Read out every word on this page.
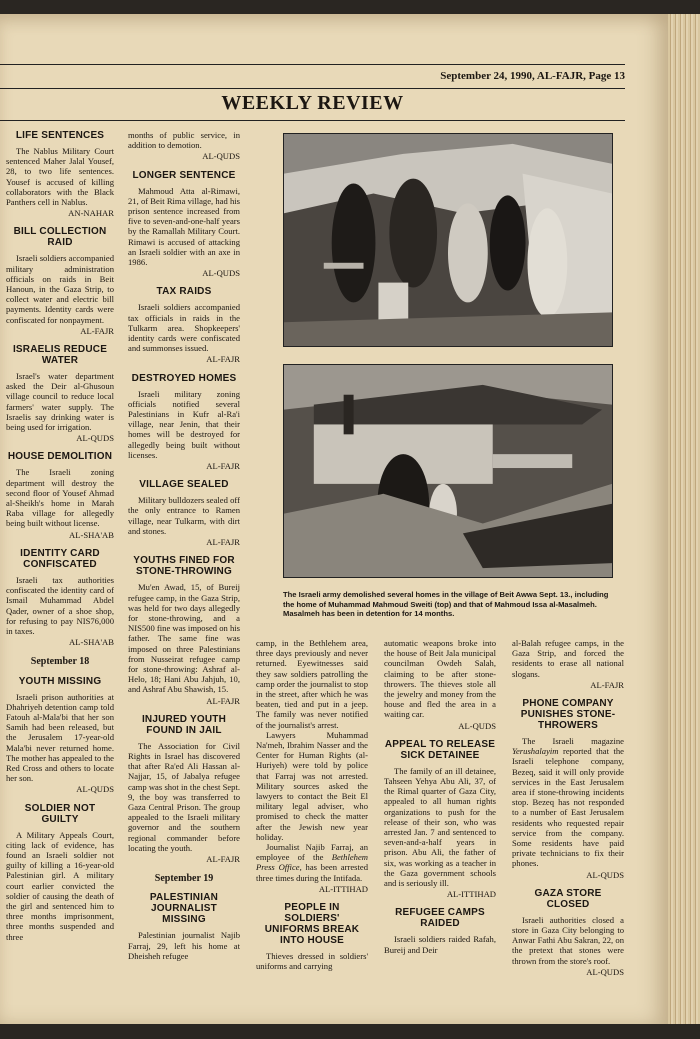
September 24, 1990, AL-FAJR, Page 13
WEEKLY REVIEW
LIFE SENTENCES

The Nablus Military Court sentenced Maher Jalal Yousef, 28, to two life sentences. Yousef is accused of killing collaborators with the Black Panthers cell in Nablus.

AN-NAHAR
BILL COLLECTION RAID

Israeli soldiers accompanied military administration officials on raids in Beit Hanoun, in the Gaza Strip, to collect water and electric bill payments. Identity cards were confiscated for nonpayment.

AL-FAJR
ISRAELIS REDUCE WATER

Israel's water department asked the Deir al-Ghusoun village council to reduce local farmers' water supply. The Israelis say drinking water is being used for irrigation.

AL-QUDS
HOUSE DEMOLITION

The Israeli zoning department will destroy the second floor of Yousef Ahmad al-Sheikh's home in Marah Raba village for allegedly being built without license.

AL-SHA'AB
IDENTITY CARD CONFISCATED

Israeli tax authorities confiscated the identity card of Ismail Muhammad Abdel Qader, owner of a shoe shop, for refusing to pay NIS76,000 in taxes.

AL-SHA'AB
September 18
YOUTH MISSING

Israeli prison authorities at Dhahriyeh detention camp told Fatouh al-Mala'bi that her son Samih had been released, but the Jerusalem 17-year-old Mala'bi never returned home. The mother has appealed to the Red Cross and others to locate her son.

AL-QUDS
SOLDIER NOT GUILTY

A Military Appeals Court, citing lack of evidence, has found an Israeli soldier not guilty of killing a 16-year-old Palestinian girl. A military court earlier convicted the soldier of causing the death of the girl and sentenced him to three months imprisonment, three months suspended and three

months of public service, in addition to demotion.

AL-QUDS
LONGER SENTENCE

Mahmoud Atta al-Rimawi, 21, of Beit Rima village, had his prison sentence increased from five to seven-and-one-half years by the Ramallah Military Court. Rimawi is accused of attacking an Israeli soldier with an axe in 1986.

AL-QUDS
TAX RAIDS

Israeli soldiers accompanied tax officials in raids in the Tulkarm area. Shopkeepers' identity cards were confiscated and summonses issued.

AL-FAJR
DESTROYED HOMES

Israeli military zoning officials notified several Palestinians in Kufr al-Ra'i village, near Jenin, that their homes will be destroyed for allegedly being built without licenses.

AL-FAJR
VILLAGE SEALED

Military bulldozers sealed off the only entrance to Ramen village, near Tulkarm, with dirt and stones.

AL-FAJR
YOUTHS FINED FOR STONE-THROWING

Mu'en Awad, 15, of Bureij refugee camp, in the Gaza Strip, was held for two days allegedly for stone-throwing, and a NIS500 fine was imposed on his father. The same fine was imposed on three Palestinians from Nusseirat refugee camp for stone-throwing: Ashraf al-Helo, 18; Hani Abu Jahjuh, 10, and Ashraf Abu Shawish, 15.

AL-FAJR
INJURED YOUTH FOUND IN JAIL

The Association for Civil Rights in Israel has discovered that after Ra'ed Ali Hassan al-Najjar, 15, of Jabalya refugee camp was shot in the chest Sept. 9, the boy was transferred to Gaza Central Prison. The group appealed to the Israeli military governor and the southern regional commander before locating the youth.

AL-FAJR
September 19
PALESTINIAN JOURNALIST MISSING

Palestinian journalist Najib Farraj, 29, left his home at Dheisheh refugee

The Israeli army demolished several homes in the village of Beit Awwa Sept. 13., including the home of Muhammad Mahmoud Sweiti (top) and that of Mahmoud Issa al-Masalmeh. Masalmeh has been in detention for 14 months.

camp, in the Bethlehem area, three days previously and never returned. Eyewitnesses said they saw soldiers patrolling the camp order the journalist to stop in the street, after which he was beaten, tied and put in a jeep. The family was never notified of the journalist's arrest.

Lawyers Muhammad Na'meh, Ibrahim Nasser and the Center for Human Rights (al-Huriyeh) were told by police that Farraj was not arrested. Military sources asked the lawyers to contact the Beit El military legal adviser, who promised to check the matter after the Jewish new year holiday.

Journalist Najib Farraj, an employee of the Bethlehem Press Office, has been arrested three times during the Intifada.

AL-ITTIHAD
PEOPLE IN SOLDIERS' UNIFORMS BREAK INTO HOUSE

Thieves dressed in soldiers' uniforms and carrying

automatic weapons broke into the house of Beit Jala municipal councilman Owdeh Salah, claiming to be after stone-throwers. The thieves stole all the jewelry and money from the house and fled the area in a waiting car.

AL-QUDS
APPEAL TO RELEASE SICK DETAINEE

The family of an ill detainee, Tahseen Yehya Abu Ali, 37, of the Rimal quarter of Gaza City, appealed to all human rights organizations to push for the release of their son, who was arrested Jan. 7 and sentenced to seven-and-a-half years in prison. Abu Ali, the father of six, was working as a teacher in the Gaza government schools and is seriously ill.

AL-ITTIHAD
REFUGEE CAMPS RAIDED

Israeli soldiers raided Rafah, Bureij and Deir

al-Balah refugee camps, in the Gaza Strip, and forced the residents to erase all national slogans.

AL-FAJR
PHONE COMPANY PUNISHES STONE-THROWERS

The Israeli magazine Yerushalayim reported that the Israeli telephone company, Bezeq, said it will only provide services in the East Jerusalem area if stone-throwing incidents stop. Bezeq has not responded to a number of East Jerusalem residents who requested repair service from the company. Some residents have paid private technicians to fix their phones.

AL-QUDS
GAZA STORE CLOSED

Israeli authorities closed a store in Gaza City belonging to Anwar Fathi Abu Sakran, 22, on the pretext that stones were thrown from the store's roof.

AL-QUDS
